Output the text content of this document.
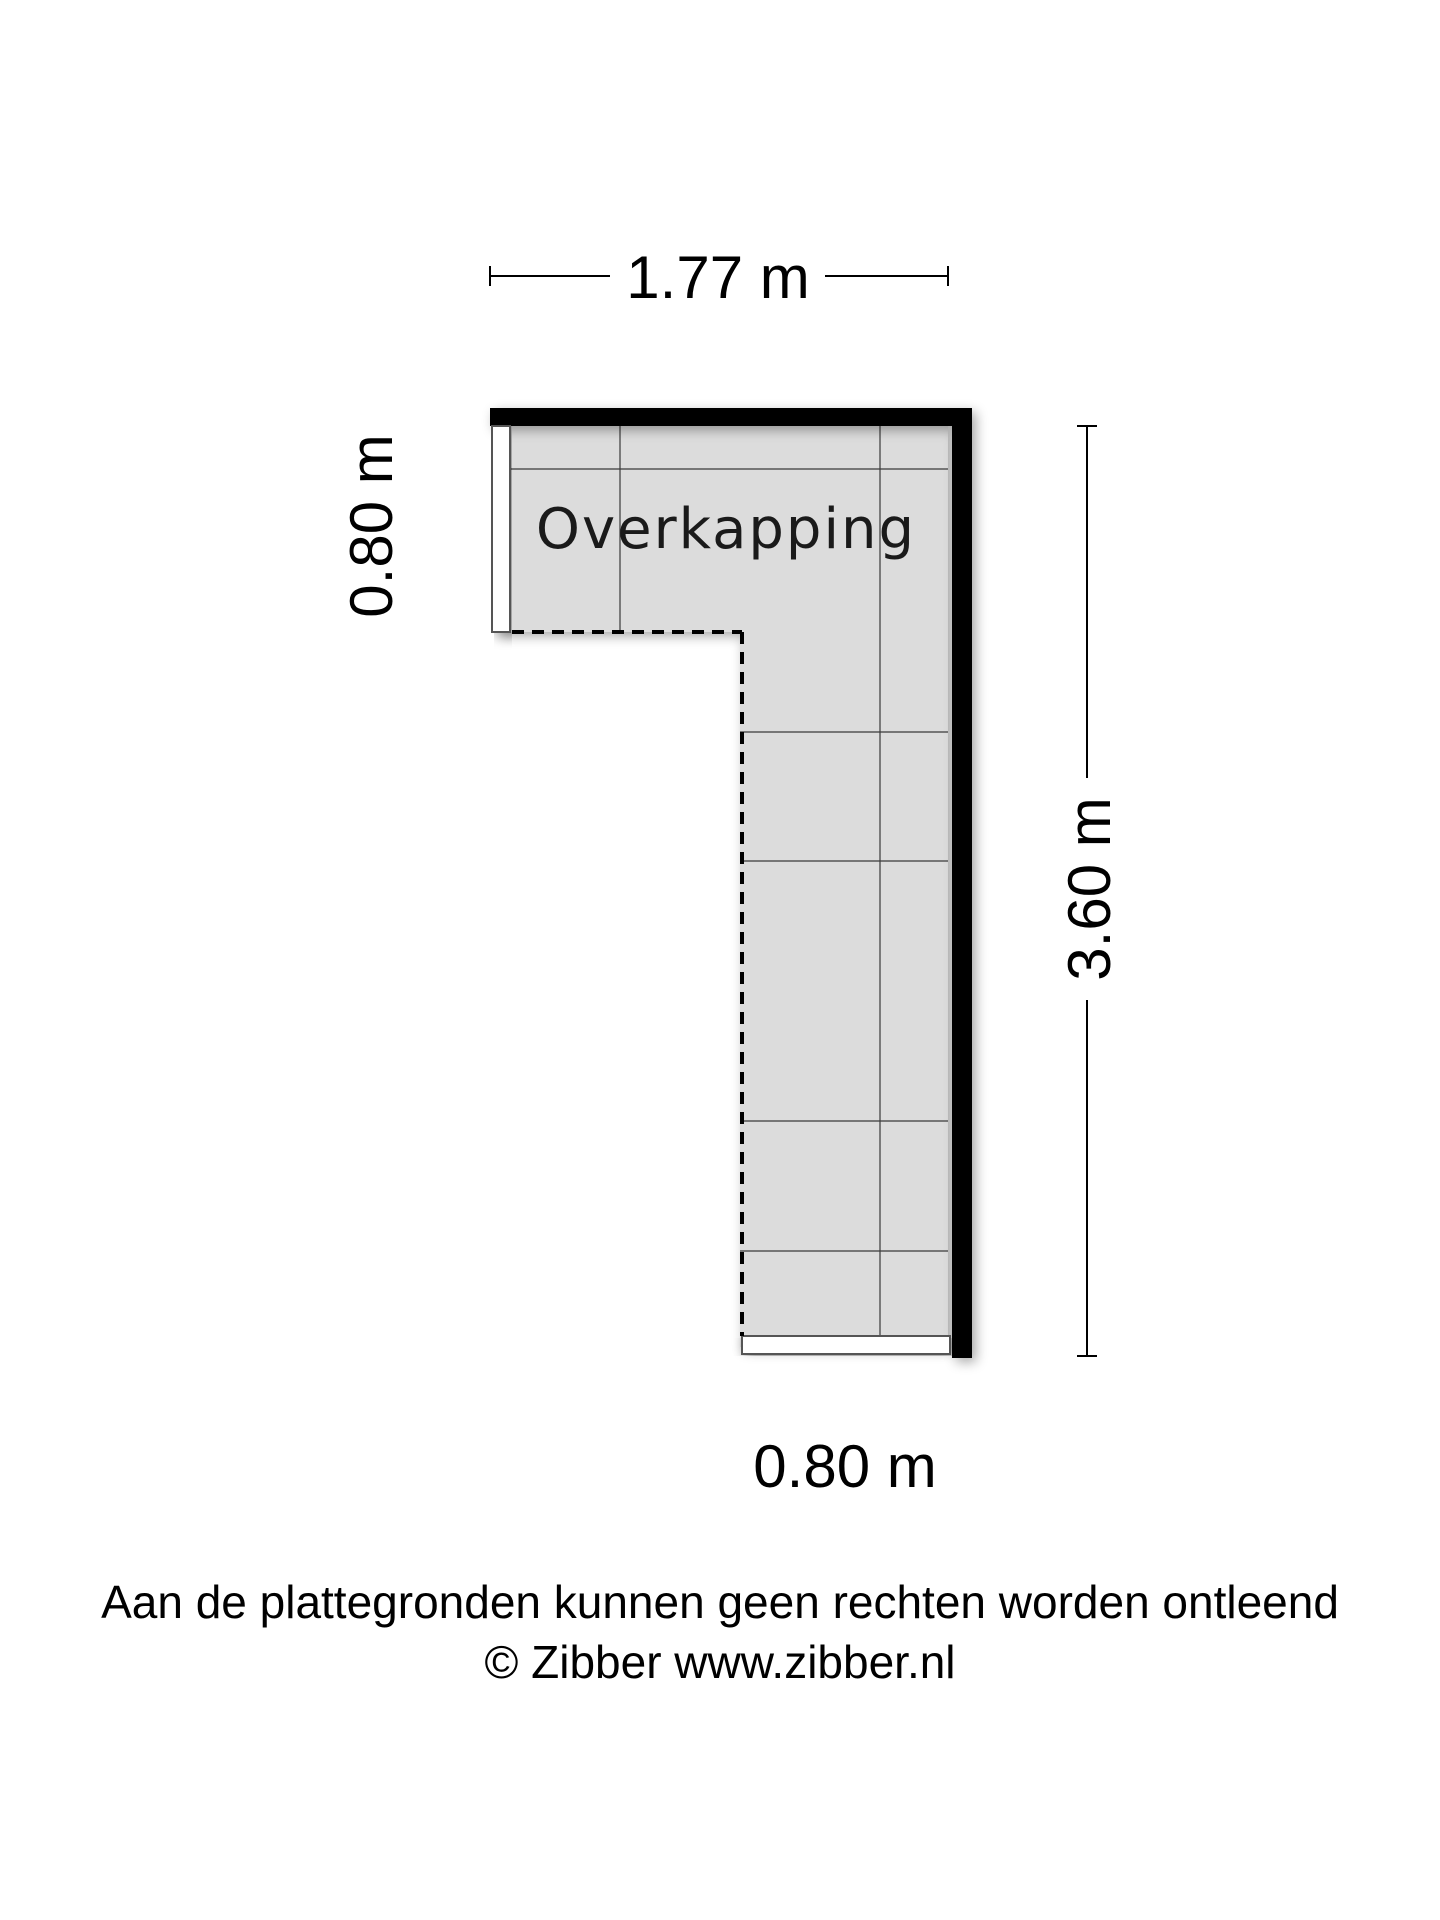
Overkapping
1.77 m
0.80 m
3.60 m
0.80 m
Aan de plattegronden kunnen geen rechten worden ontleend
© Zibber www.zibber.nl
